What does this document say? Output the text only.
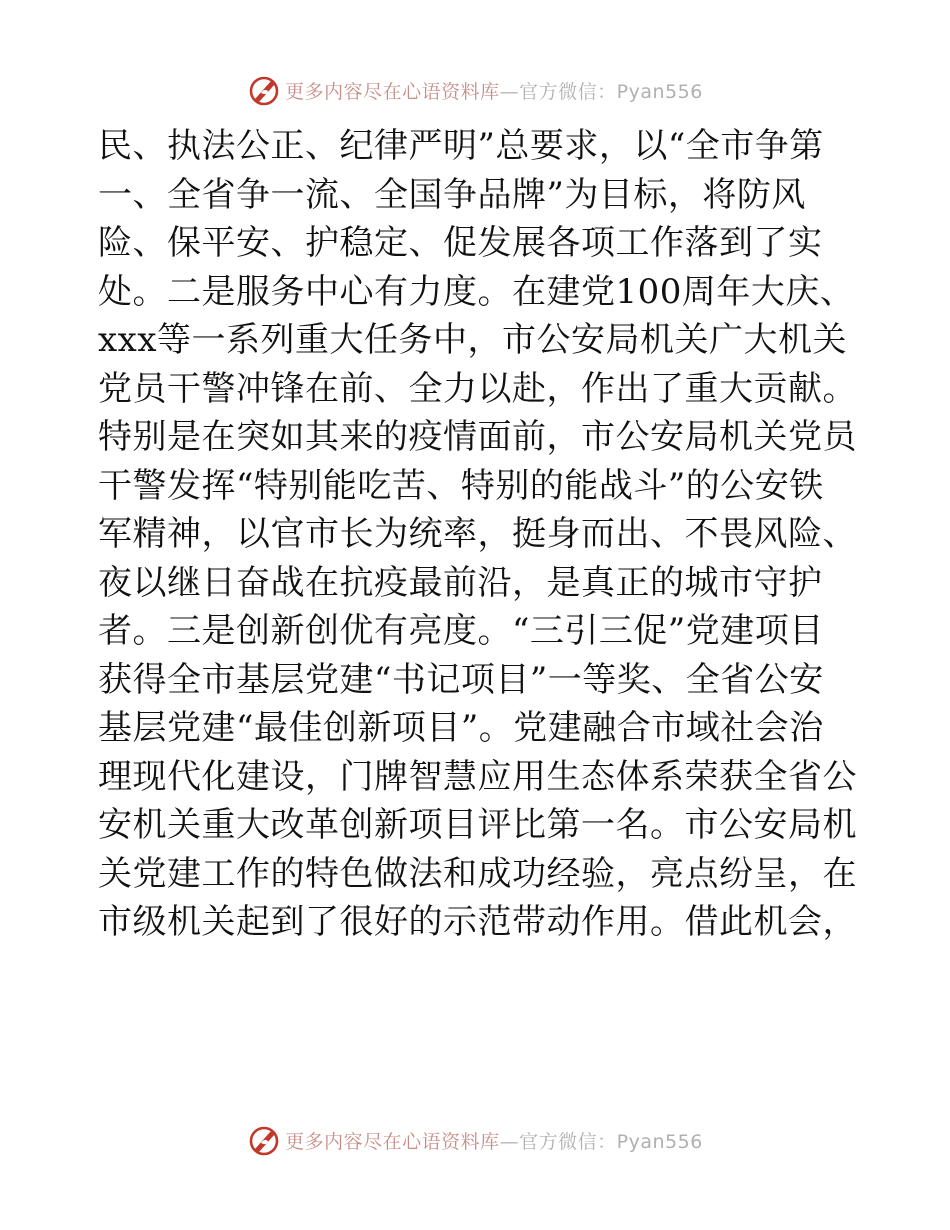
更多内容尽在心语资料库—官方微信：Pyan556
民、执法公正、纪律严明”总要求，以“全市争第
一、全省争一流、全国争品牌”为目标，将防风
险、保平安、护稳定、促发展各项工作落到了实
处。二是服务中心有力度。在建党100周年大庆、
xxx等一系列重大任务中，市公安局机关广大机关
党员干警冲锋在前、全力以赴，作出了重大贡献。
特别是在突如其来的疫情面前，市公安局机关党员
干警发挥“特别能吃苦、特别的能战斗”的公安铁
军精神，以官市长为统率，挺身而出、不畏风险、
夜以继日奋战在抗疫最前沿，是真正的城市守护
者。三是创新创优有亮度。“三引三促”党建项目
获得全市基层党建“书记项目”一等奖、全省公安
基层党建“最佳创新项目”。党建融合市域社会治
理现代化建设，门牌智慧应用生态体系荣获全省公
安机关重大改革创新项目评比第一名。市公安局机
关党建工作的特色做法和成功经验，亮点纷呈，在
市级机关起到了很好的示范带动作用。借此机会，
更多内容尽在心语资料库—官方微信：Pyan556
